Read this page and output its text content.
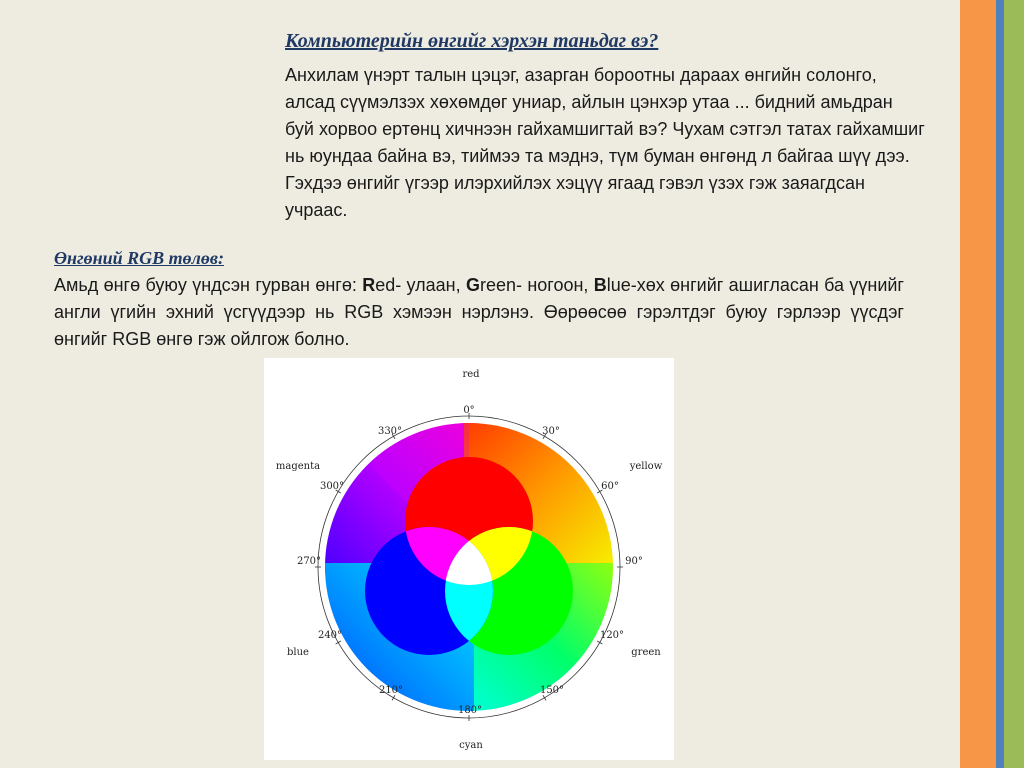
Компьютерийн өнгийг хэрхэн таньдаг вэ?
Анхилам үнэрт талын цэцэг, азарган бороотны дараах өнгийн солонго, алсад сүүмэлзэх хөхөмдөг униар, айлын цэнхэр утаа ... бидний амьдран буй хорвоо ертөнц хичнээн гайхамшигтай вэ? Чухам сэтгэл татах гайхамшиг нь юундаа байна вэ, тиймээ та мэднэ, түм буман өнгөнд л байгаа шүү дээ. Гэхдээ өнгийг үгээр илэрхийлэх хэцүү ягаад гэвэл үзэх гэж заяагдсан учраас.
Өнгөний RGB төлөв:
Амьд өнгө буюу үндсэн гурван өнгө: Red- улаан, Green- ногоон, Blue-хөх өнгийг ашигласан ба үүнийг англи үгийн эхний үсгүүдээр нь RGB хэмээн нэрлэнэ. Өөрөөсөө гэрэлтдэг буюу гэрлээр үүсдэг өнгийг RGB өнгө гэж ойлгож болно.
0°
30°
60°
90°
120°
150°
180°
210°
240°
270°
300°
330°
red
yellow
green
cyan
blue
magenta
